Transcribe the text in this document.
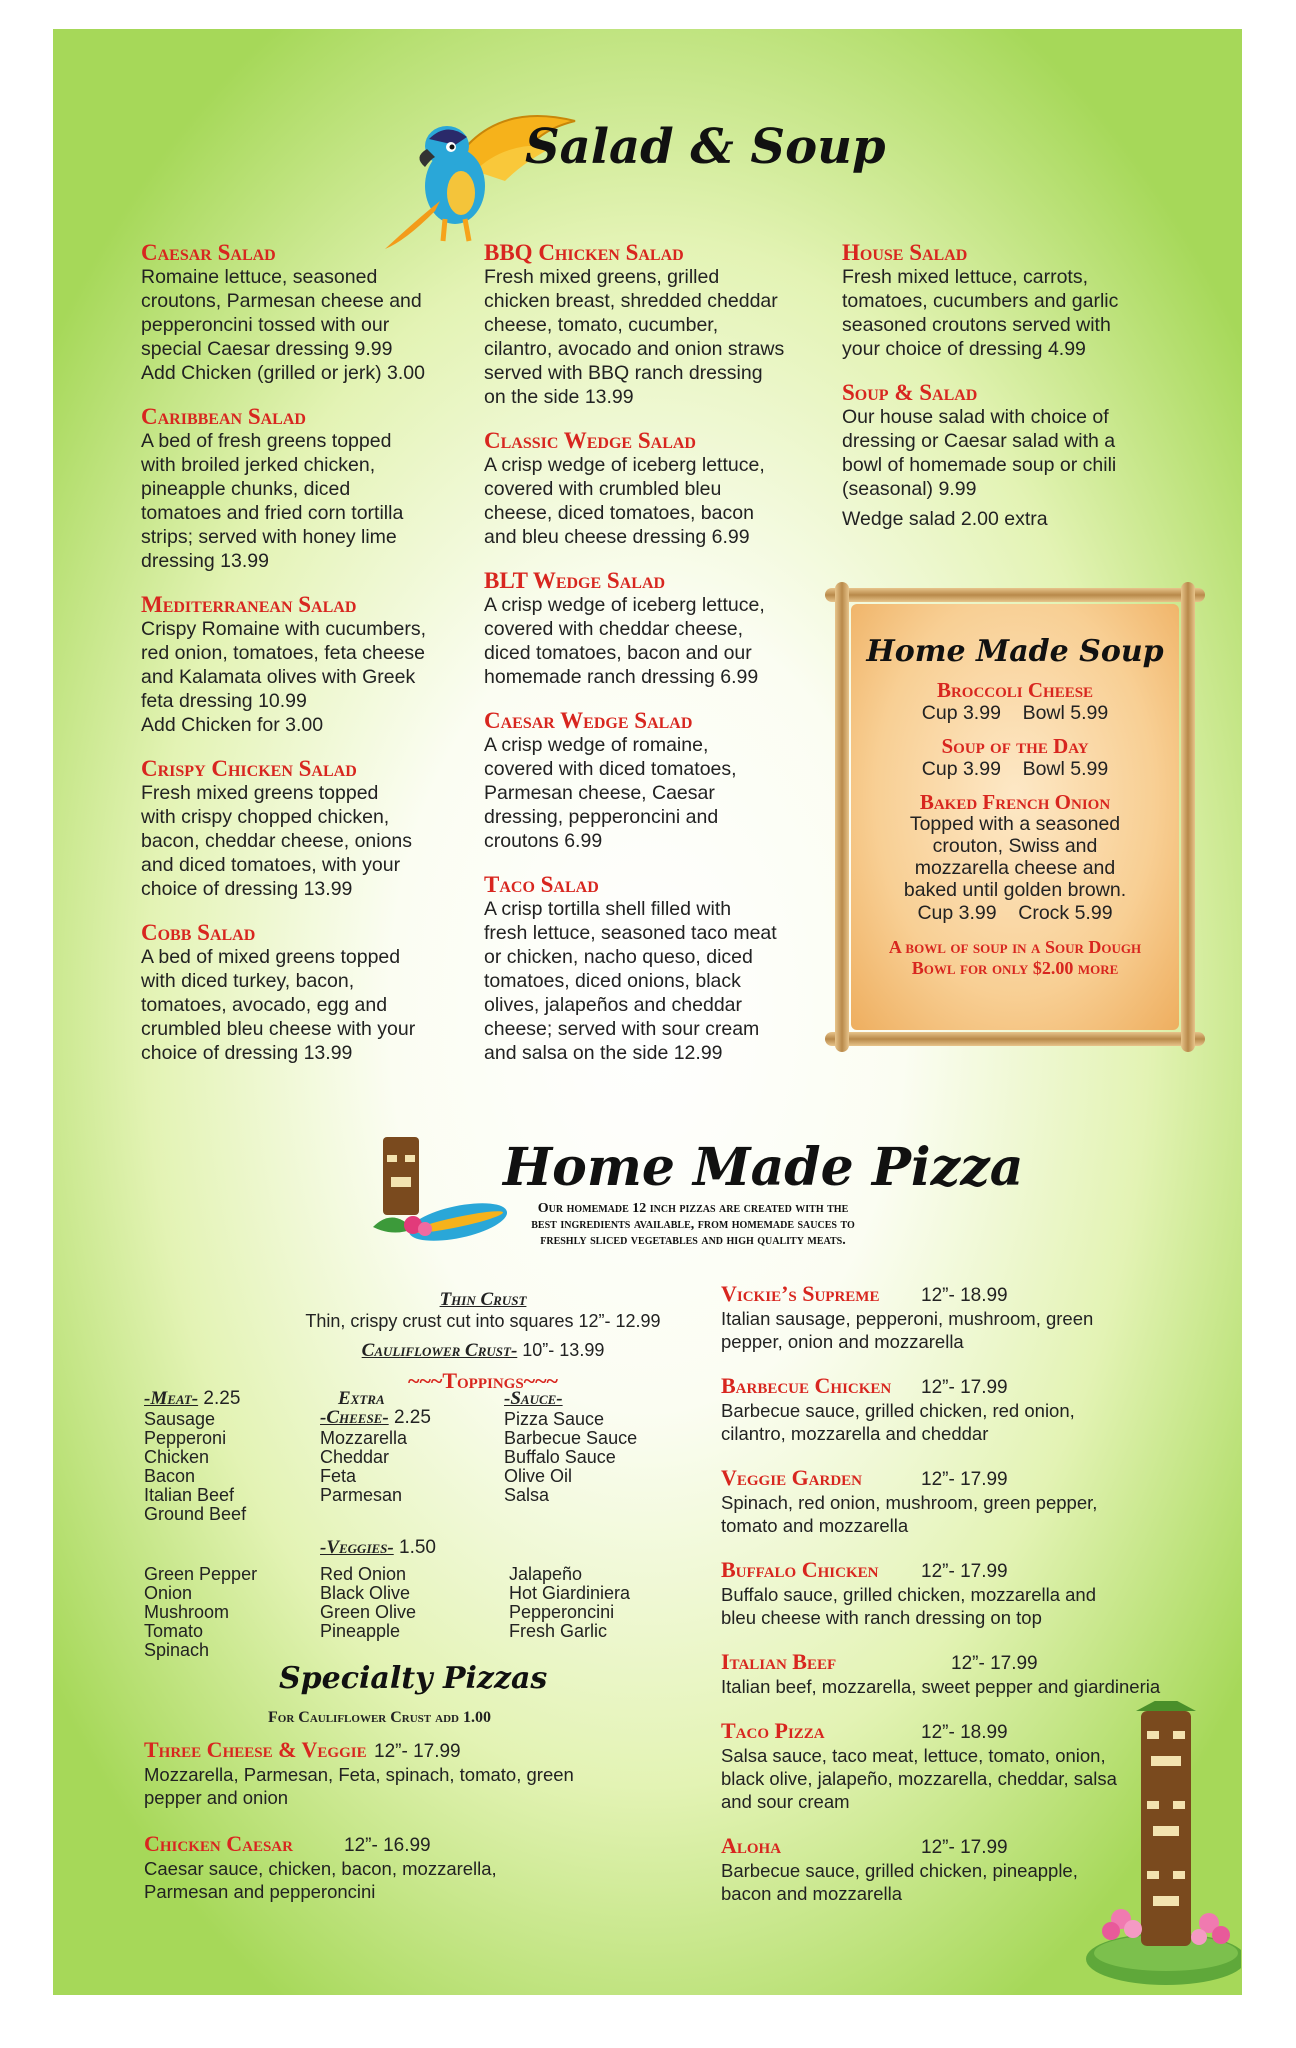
Salad & Soup
Caesar Salad
Romaine lettuce, seasoned
croutons, Parmesan cheese and
pepperoncini tossed with our
special Caesar dressing 9.99
Add Chicken (grilled or jerk) 3.00
Caribbean Salad
A bed of fresh greens topped
with broiled jerked chicken,
pineapple chunks, diced
tomatoes and fried corn tortilla
strips; served with honey lime
dressing 13.99
Mediterranean Salad
Crispy Romaine with cucumbers,
red onion, tomatoes, feta cheese
and Kalamata olives with Greek
feta dressing 10.99
Add Chicken for 3.00
Crispy Chicken Salad
Fresh mixed greens topped
with crispy chopped chicken,
bacon, cheddar cheese, onions
and diced tomatoes, with your
choice of dressing 13.99
Cobb Salad
A bed of mixed greens topped
with diced turkey, bacon,
tomatoes, avocado, egg and
crumbled bleu cheese with your
choice of dressing 13.99
BBQ Chicken Salad
Fresh mixed greens, grilled
chicken breast, shredded cheddar
cheese, tomato, cucumber,
cilantro, avocado and onion straws
served with BBQ ranch dressing
on the side 13.99
Classic Wedge Salad
A crisp wedge of iceberg lettuce,
covered with crumbled bleu
cheese, diced tomatoes, bacon
and bleu cheese dressing 6.99
BLT Wedge Salad
A crisp wedge of iceberg lettuce,
covered with cheddar cheese,
diced tomatoes, bacon and our
homemade ranch dressing 6.99
Caesar Wedge Salad
A crisp wedge of romaine,
covered with diced tomatoes,
Parmesan cheese, Caesar
dressing, pepperoncini and
croutons 6.99
Taco Salad
A crisp tortilla shell filled with
fresh lettuce, seasoned taco meat
or chicken, nacho queso, diced
tomatoes, diced onions, black
olives, jalapeños and cheddar
cheese; served with sour cream
and salsa on the side 12.99
House Salad
Fresh mixed lettuce, carrots,
tomatoes, cucumbers and garlic
seasoned croutons served with
your choice of dressing 4.99
Soup & Salad
Our house salad with choice of
dressing or Caesar salad with a
bowl of homemade soup or chili
(seasonal) 9.99
Wedge salad 2.00 extra
Home Made Soup
Broccoli Cheese
Cup 3.99    Bowl 5.99
Soup of the Day
Cup 3.99    Bowl 5.99
Baked French Onion
Topped with a seasoned
crouton, Swiss and
mozzarella cheese and
baked until golden brown.
Cup 3.99    Crock 5.99
A bowl of soup in a Sour Dough
Bowl for only $2.00 more
Home Made Pizza
Our homemade 12 inch pizzas are created with the
best ingredients available, from homemade sauces to
freshly sliced vegetables and high quality meats.
Thin Crust
Thin, crispy crust cut into squares 12”- 12.99
Cauliflower Crust- 10”- 13.99
~~~Toppings~~~
-Meat- 2.25
Sausage
Pepperoni
Chicken
Bacon
Italian Beef
Ground Beef
Extra
-Cheese- 2.25
Mozzarella
Cheddar
Feta
Parmesan
-Sauce-
Pizza Sauce
Barbecue Sauce
Buffalo Sauce
Olive Oil
Salsa
-Veggies- 1.50
Green Pepper
Onion
Mushroom
Tomato
Spinach
Red Onion
Black Olive
Green Olive
Pineapple
Jalapeño
Hot Giardiniera
Pepperoncini
Fresh Garlic
Specialty Pizzas
For Cauliflower Crust add 1.00
Three Cheese & Veggie 12”- 17.99
Mozzarella, Parmesan, Feta, spinach, tomato, green
pepper and onion
Chicken Caesar	12”- 16.99
Caesar sauce, chicken, bacon, mozzarella,
Parmesan and pepperoncini
Vickie’s Supreme 12”- 18.99
Italian sausage, pepperoni, mushroom, green
pepper, onion and mozzarella
Barbecue Chicken 12”- 17.99
Barbecue sauce, grilled chicken, red onion,
cilantro, mozzarella and cheddar
Veggie Garden	12”- 17.99
Spinach, red onion, mushroom, green pepper,
tomato and mozzarella
Buffalo Chicken 12”- 17.99
Buffalo sauce, grilled chicken, mozzarella and
bleu cheese with ranch dressing on top
Italian Beef	12”- 17.99
Italian beef, mozzarella, sweet pepper and giardineria
Taco Pizza	12”- 18.99
Salsa sauce, taco meat, lettuce, tomato, onion,
black olive, jalapeño, mozzarella, cheddar, salsa
and sour cream
Aloha	12”- 17.99
Barbecue sauce, grilled chicken, pineapple,
bacon and mozzarella
